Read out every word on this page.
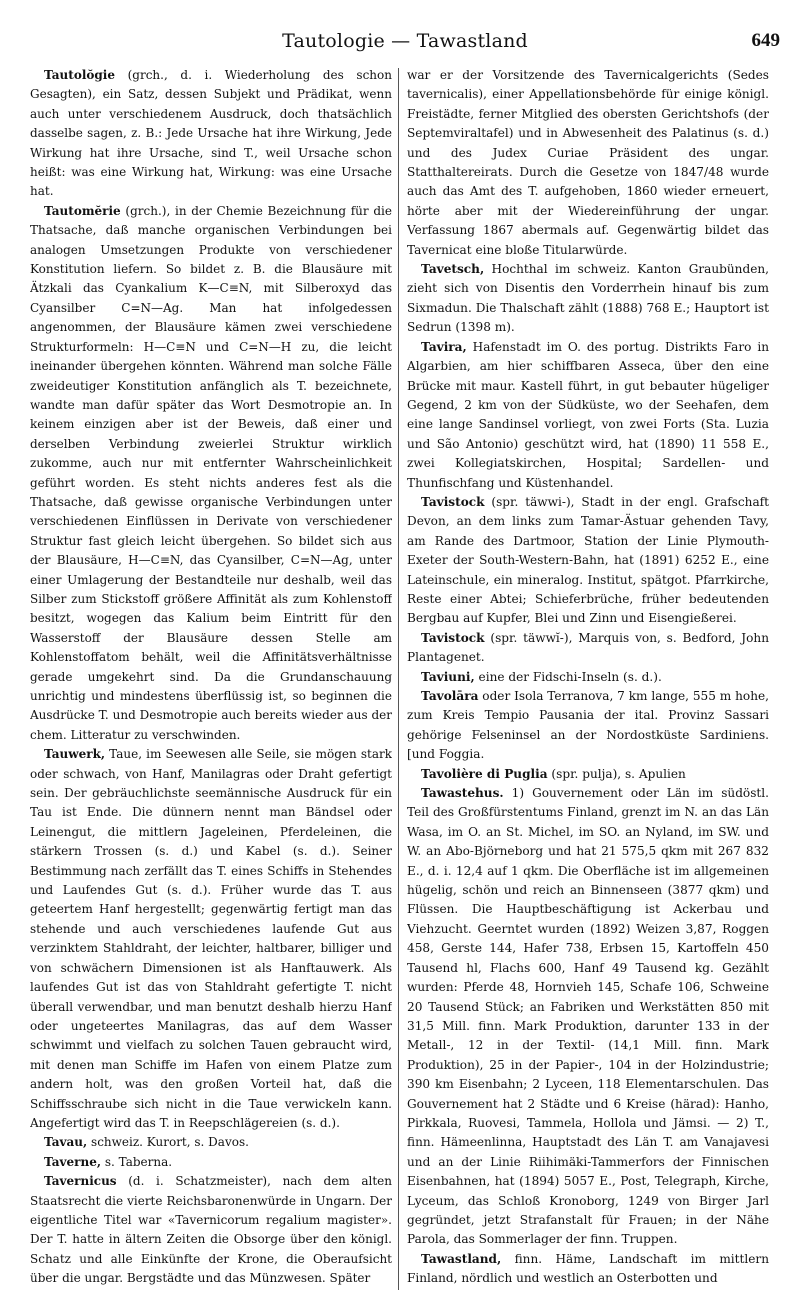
Tautologie — Tawastland	649

Tautolŏgie (grch., d. i. Wiederholung des schon Gesagten), ein Satz, dessen Subjekt und Prädikat, wenn auch unter verschiedenem Ausdruck, doch thatsächlich dasselbe sagen, z. B.: Jede Ursache hat ihre Wirkung, Jede Wirkung hat ihre Ursache, sind T., weil Ursache schon heißt: was eine Wirkung hat, Wirkung: was eine Ursache hat.

Tautomĕrie (grch.), in der Chemie Bezeichnung für die Thatsache, daß manche organischen Verbindungen bei analogen Umsetzungen Produkte von verschiedener Konstitution liefern. So bildet z. B. die Blausäure mit Ätzkali das Cyankalium K—C≡N, mit Silberoxyd das Cyansilber C=N—Ag. Man hat infolgedessen angenommen, der Blausäure kämen zwei verschiedene Strukturformeln: H—C≡N und C=N—H zu, die leicht ineinander übergehen könnten. Während man solche Fälle zweideutiger Konstitution anfänglich als T. bezeichnete, wandte man dafür später das Wort Desmotropie an. In keinem einzigen aber ist der Beweis, daß einer und derselben Verbindung zweierlei Struktur wirklich zukomme, auch nur mit entfernter Wahrscheinlichkeit geführt worden. Es steht nichts anderes fest als die Thatsache, daß gewisse organische Verbindungen unter verschiedenen Einflüssen in Derivate von verschiedener Struktur fast gleich leicht übergehen. So bildet sich aus der Blausäure, H—C≡N, das Cyansilber, C=N—Ag, unter einer Umlagerung der Bestandteile nur deshalb, weil das Silber zum Stickstoff größere Affinität als zum Kohlenstoff besitzt, wogegen das Kalium beim Eintritt für den Wasserstoff der Blausäure dessen Stelle am Kohlenstoffatom behält, weil die Affinitätsverhältnisse gerade umgekehrt sind. Da die Grundanschauung unrichtig und mindestens überflüssig ist, so beginnen die Ausdrücke T. und Desmotropie auch bereits wieder aus der chem. Litteratur zu verschwinden.

Tauwerk, Taue, im Seewesen alle Seile, sie mögen stark oder schwach, von Hanf, Manilagras oder Draht gefertigt sein. Der gebräuchlichste seemännische Ausdruck für ein Tau ist Ende. Die dünnern nennt man Bändsel oder Leinengut, die mittlern Jageleinen, Pferdeleinen, die stärkern Trossen (s. d.) und Kabel (s. d.). Seiner Bestimmung nach zerfällt das T. eines Schiffs in Stehendes und Laufendes Gut (s. d.). Früher wurde das T. aus geteertem Hanf hergestellt; gegenwärtig fertigt man das stehende und auch verschiedenes laufende Gut aus verzinktem Stahldraht, der leichter, haltbarer, billiger und von schwächern Dimensionen ist als Hanftauwerk. Als laufendes Gut ist das von Stahldraht gefertigte T. nicht überall verwendbar, und man benutzt deshalb hierzu Hanf oder ungeteertes Manilagras, das auf dem Wasser schwimmt und vielfach zu solchen Tauen gebraucht wird, mit denen man Schiffe im Hafen von einem Platze zum andern holt, was den großen Vorteil hat, daß die Schiffsschraube sich nicht in die Taue verwickeln kann. Angefertigt wird das T. in Reepschlägereien (s. d.).

Tavau, schweiz. Kurort, s. Davos.

Taverne, s. Taberna.

Tavernicus (d. i. Schatzmeister), nach dem alten Staatsrecht die vierte Reichsbaronenwürde in Ungarn. Der eigentliche Titel war «Tavernicorum regalium magister». Der T. hatte in ältern Zeiten die Obsorge über den königl. Schatz und alle Einkünfte der Krone, die Oberaufsicht über die ungar. Bergstädte und das Münzwesen. Später

war er der Vorsitzende des Tavernicalgerichts (Sedes tavernicalis), einer Appellationsbehörde für einige königl. Freistädte, ferner Mitglied des obersten Gerichtshofs (der Septemviraltafel) und in Abwesenheit des Palatinus (s. d.) und des Judex Curiae Präsident des ungar. Statthaltereirats. Durch die Gesetze von 1847/48 wurde auch das Amt des T. aufgehoben, 1860 wieder erneuert, hörte aber mit der Wiedereinführung der ungar. Verfassung 1867 abermals auf. Gegenwärtig bildet das Tavernicat eine bloße Titularwürde.

Tavetsch, Hochthal im schweiz. Kanton Graubünden, zieht sich von Disentis den Vorderrhein hinauf bis zum Sixmadun. Die Thalschaft zählt (1888) 768 E.; Hauptort ist Sedrun (1398 m).

Tavira, Hafenstadt im O. des portug. Distrikts Faro in Algarbien, am hier schiffbaren Asseca, über den eine Brücke mit maur. Kastell führt, in gut bebauter hügeliger Gegend, 2 km von der Südküste, wo der Seehafen, dem eine lange Sandinsel vorliegt, von zwei Forts (Sta. Luzia und São Antonio) geschützt wird, hat (1890) 11 558 E., zwei Kollegiatskirchen, Hospital; Sardellen- und Thunfischfang und Küstenhandel.

Tavistock (spr. täwwi-), Stadt in der engl. Grafschaft Devon, an dem links zum Tamar-Ästuar gehenden Tavy, am Rande des Dartmoor, Station der Linie Plymouth-Exeter der South-Western-Bahn, hat (1891) 6252 E., eine Lateinschule, ein mineralog. Institut, spätgot. Pfarrkirche, Reste einer Abtei; Schieferbrüche, früher bedeutenden Bergbau auf Kupfer, Blei und Zinn und Eisengießerei.

Tavistock (spr. täwwĭ-), Marquis von, s. Bedford, John Plantagenet.

Taviuni, eine der Fidschi-Inseln (s. d.).

Tavolāra oder Isola Terranova, 7 km lange, 555 m hohe, zum Kreis Tempio Pausania der ital. Provinz Sassari gehörige Felseninsel an der Nordostküste Sardiniens. [und Foggia.

Tavolière di Puglia (spr. pulja), s. Apulien

Tawastehus. 1) Gouvernement oder Län im südöstl. Teil des Großfürstentums Finland, grenzt im N. an das Län Wasa, im O. an St. Michel, im SO. an Nyland, im SW. und W. an Abo-Björneborg und hat 21 575,5 qkm mit 267 832 E., d. i. 12,4 auf 1 qkm. Die Oberfläche ist im allgemeinen hügelig, schön und reich an Binnenseen (3877 qkm) und Flüssen. Die Hauptbeschäftigung ist Ackerbau und Viehzucht. Geerntet wurden (1892) Weizen 3,87, Roggen 458, Gerste 144, Hafer 738, Erbsen 15, Kartoffeln 450 Tausend hl, Flachs 600, Hanf 49 Tausend kg. Gezählt wurden: Pferde 48, Hornvieh 145, Schafe 106, Schweine 20 Tausend Stück; an Fabriken und Werkstätten 850 mit 31,5 Mill. finn. Mark Produktion, darunter 133 in der Metall-, 12 in der Textil- (14,1 Mill. finn. Mark Produktion), 25 in der Papier-, 104 in der Holzindustrie; 390 km Eisenbahn; 2 Lyceen, 118 Elementarschulen. Das Gouvernement hat 2 Städte und 6 Kreise (härad): Hanho, Pirkkala, Ruovesi, Tammela, Hollola und Jämsi. — 2) T., finn. Hämeenlinna, Hauptstadt des Län T. am Vanajavesi und an der Linie Riihimäki-Tammerfors der Finnischen Eisenbahnen, hat (1894) 5057 E., Post, Telegraph, Kirche, Lyceum, das Schloß Kronoborg, 1249 von Birger Jarl gegründet, jetzt Strafanstalt für Frauen; in der Nähe Parola, das Sommerlager der finn. Truppen.

Tawastland, finn. Häme, Landschaft im mittlern Finland, nördlich und westlich an Osterbotten und
